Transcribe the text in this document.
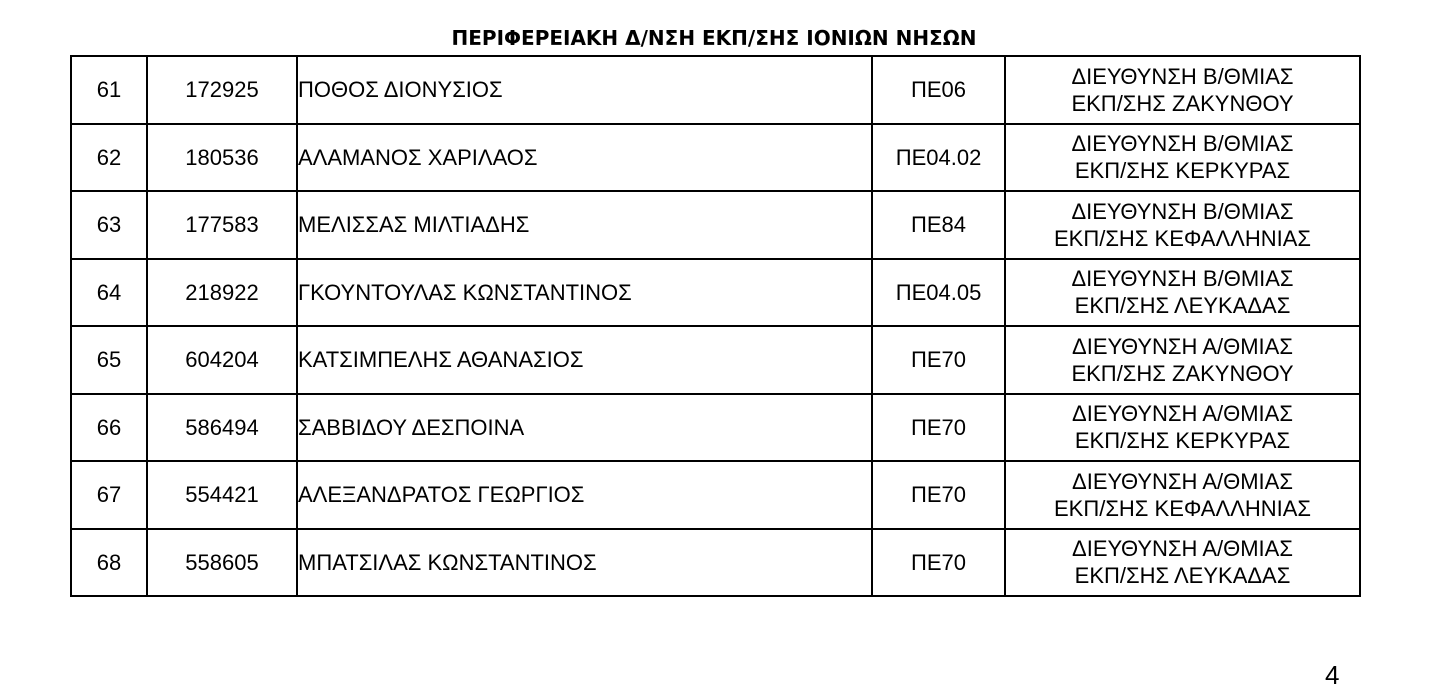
ΠΕΡΙΦΕΡΕΙΑΚΗ Δ/ΝΣΗ ΕΚΠ/ΣΗΣ ΙΟΝΙΩΝ ΝΗΣΩΝ
61	172925	ΠΟΘΟΣ ΔΙΟΝΥΣΙΟΣ	ΠΕ06	ΔΙΕΥΘΥΝΣΗ Β/ΘΜΙΑΣ
ΕΚΠ/ΣΗΣ ΖΑΚΥΝΘΟΥ

62	180536	ΑΛΑΜΑΝΟΣ ΧΑΡΙΛΑΟΣ	ΠΕ04.02	ΔΙΕΥΘΥΝΣΗ Β/ΘΜΙΑΣ
ΕΚΠ/ΣΗΣ ΚΕΡΚΥΡΑΣ

63	177583	ΜΕΛΙΣΣΑΣ ΜΙΛΤΙΑΔΗΣ	ΠΕ84	ΔΙΕΥΘΥΝΣΗ Β/ΘΜΙΑΣ
ΕΚΠ/ΣΗΣ ΚΕΦΑΛΛΗΝΙΑΣ

64	218922	ΓΚΟΥΝΤΟΥΛΑΣ ΚΩΝΣΤΑΝΤΙΝΟΣ	ΠΕ04.05	ΔΙΕΥΘΥΝΣΗ Β/ΘΜΙΑΣ
ΕΚΠ/ΣΗΣ ΛΕΥΚΑΔΑΣ

65	604204	ΚΑΤΣΙΜΠΕΛΗΣ ΑΘΑΝΑΣΙΟΣ	ΠΕ70	ΔΙΕΥΘΥΝΣΗ Α/ΘΜΙΑΣ
ΕΚΠ/ΣΗΣ ΖΑΚΥΝΘΟΥ

66	586494	ΣΑΒΒΙΔΟΥ ΔΕΣΠΟΙΝΑ	ΠΕ70	ΔΙΕΥΘΥΝΣΗ Α/ΘΜΙΑΣ
ΕΚΠ/ΣΗΣ ΚΕΡΚΥΡΑΣ

67	554421	ΑΛΕΞΑΝΔΡΑΤΟΣ ΓΕΩΡΓΙΟΣ	ΠΕ70	ΔΙΕΥΘΥΝΣΗ Α/ΘΜΙΑΣ
ΕΚΠ/ΣΗΣ ΚΕΦΑΛΛΗΝΙΑΣ

68	558605	ΜΠΑΤΣΙΛΑΣ ΚΩΝΣΤΑΝΤΙΝΟΣ	ΠΕ70	ΔΙΕΥΘΥΝΣΗ Α/ΘΜΙΑΣ
ΕΚΠ/ΣΗΣ ΛΕΥΚΑΔΑΣ
4
